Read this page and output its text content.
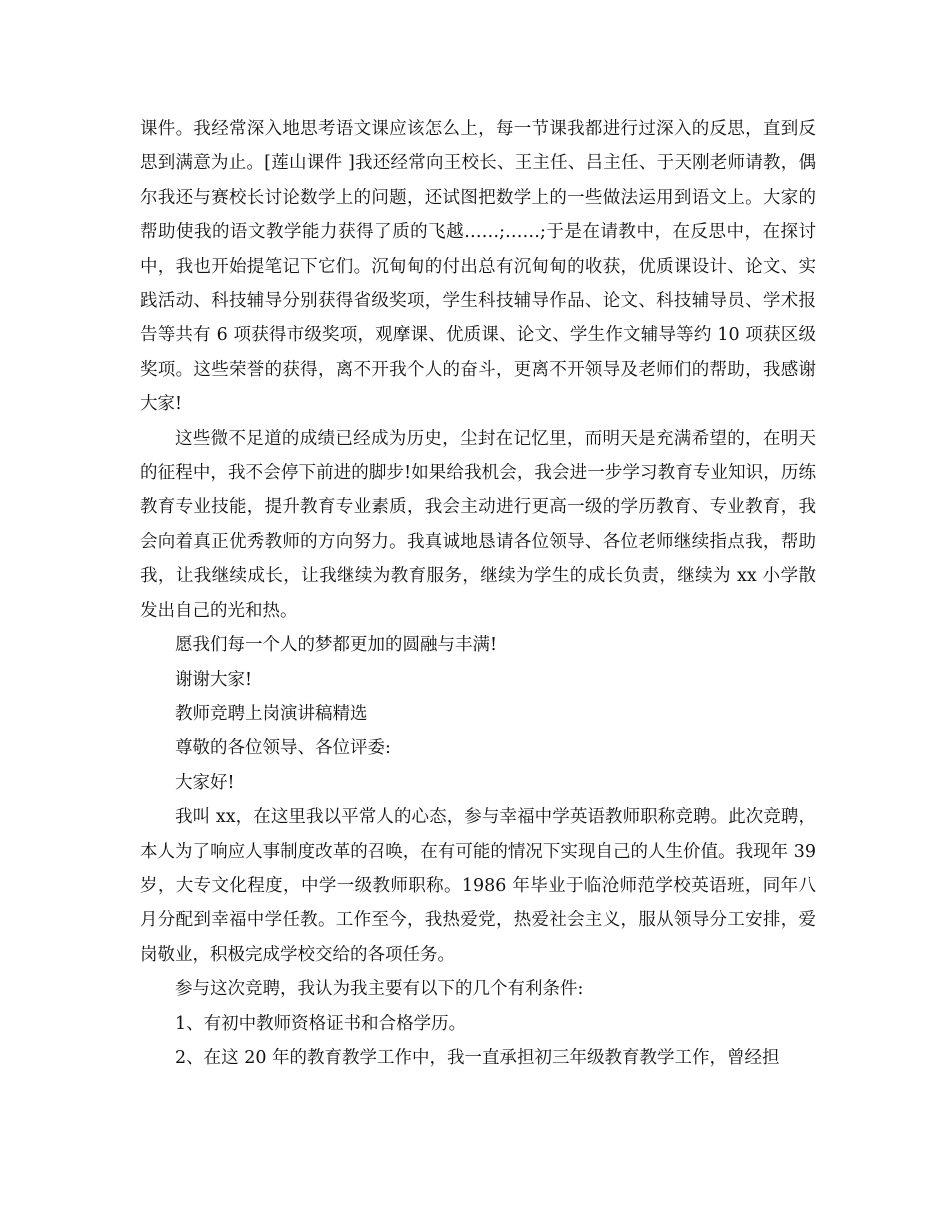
课件。我经常深入地思考语文课应该怎么上，每一节课我都进行过深入的反思，直到反思到满意为止。[莲山课件 ]我还经常向王校长、王主任、吕主任、于天刚老师请教，偶尔我还与赛校长讨论数学上的问题，还试图把数学上的一些做法运用到语文上。大家的帮助使我的语文教学能力获得了质的飞越……;……;于是在请教中，在反思中，在探讨中，我也开始提笔记下它们。沉甸甸的付出总有沉甸甸的收获，优质课设计、论文、实践活动、科技辅导分别获得省级奖项，学生科技辅导作品、论文、科技辅导员、学术报告等共有 6 项获得市级奖项，观摩课、优质课、论文、学生作文辅导等约 10 项获区级奖项。这些荣誉的获得，离不开我个人的奋斗，更离不开领导及老师们的帮助，我感谢大家!

这些微不足道的成绩已经成为历史，尘封在记忆里，而明天是充满希望的，在明天的征程中，我不会停下前进的脚步!如果给我机会，我会进一步学习教育专业知识，历练教育专业技能，提升教育专业素质，我会主动进行更高一级的学历教育、专业教育，我会向着真正优秀教师的方向努力。我真诚地恳请各位领导、各位老师继续指点我，帮助我，让我继续成长，让我继续为教育服务，继续为学生的成长负责，继续为 xx 小学散发出自己的光和热。

愿我们每一个人的梦都更加的圆融与丰满!

谢谢大家!

教师竞聘上岗演讲稿精选

尊敬的各位领导、各位评委:

大家好!

我叫 xx，在这里我以平常人的心态，参与幸福中学英语教师职称竞聘。此次竞聘，本人为了响应人事制度改革的召唤，在有可能的情况下实现自己的人生价值。我现年 39 岁，大专文化程度，中学一级教师职称。1986 年毕业于临沧师范学校英语班，同年八月分配到幸福中学任教。工作至今，我热爱党，热爱社会主义，服从领导分工安排，爱岗敬业，积极完成学校交给的各项任务。

参与这次竞聘，我认为我主要有以下的几个有利条件:

1、有初中教师资格证书和合格学历。

2、在这 20 年的教育教学工作中，我一直承担初三年级教育教学工作，曾经担
